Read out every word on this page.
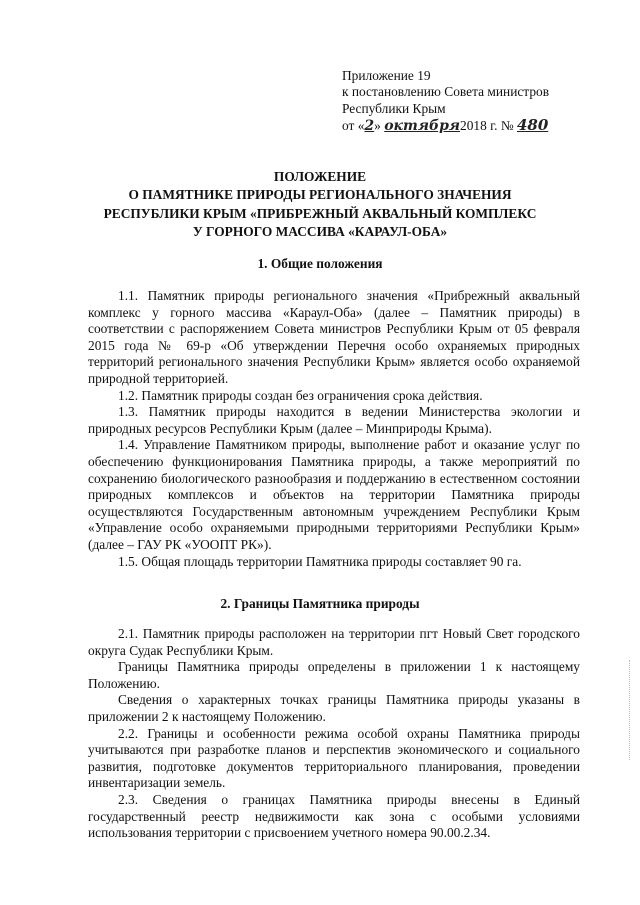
Приложение 19
к постановлению Совета министров
Республики Крым
от «2» октября2018 г. № 480
ПОЛОЖЕНИЕ
О ПАМЯТНИКЕ ПРИРОДЫ РЕГИОНАЛЬНОГО ЗНАЧЕНИЯ
РЕСПУБЛИКИ КРЫМ «ПРИБРЕЖНЫЙ АКВАЛЬНЫЙ КОМПЛЕКС
У ГОРНОГО МАССИВА «КАРАУЛ-ОБА»
1. Общие положения

1.1. Памятник природы регионального значения «Прибрежный аквальный комплекс у горного массива «Караул-Оба» (далее – Памятник природы) в соответствии с распоряжением Совета министров Республики Крым от 05 февраля 2015 года № 69-р «Об утверждении Перечня особо охраняемых природных территорий регионального значения Республики Крым» является особо охраняемой природной территорией.

1.2. Памятник природы создан без ограничения срока действия.

1.3. Памятник природы находится в ведении Министерства экологии и природных ресурсов Республики Крым (далее – Минприроды Крыма).

1.4. Управление Памятником природы, выполнение работ и оказание услуг по обеспечению функционирования Памятника природы, а также мероприятий по сохранению биологического разнообразия и поддержанию в естественном состоянии природных комплексов и объектов на территории Памятника природы осуществляются Государственным автономным учреждением Республики Крым «Управление особо охраняемыми природными территориями Республики Крым» (далее – ГАУ РК «УООПТ РК»).

1.5. Общая площадь территории Памятника природы составляет 90 га.

2. Границы Памятника природы

2.1. Памятник природы расположен на территории пгт Новый Свет городского округа Судак Республики Крым.

Границы Памятника природы определены в приложении 1 к настоящему Положению.

Сведения о характерных точках границы Памятника природы указаны в приложении 2 к настоящему Положению.

2.2. Границы и особенности режима особой охраны Памятника природы учитываются при разработке планов и перспектив экономического и социального развития, подготовке документов территориального планирования, проведении инвентаризации земель.

2.3. Сведения о границах Памятника природы внесены в Единый государственный реестр недвижимости как зона с особыми условиями использования территории с присвоением учетного номера 90.00.2.34.
